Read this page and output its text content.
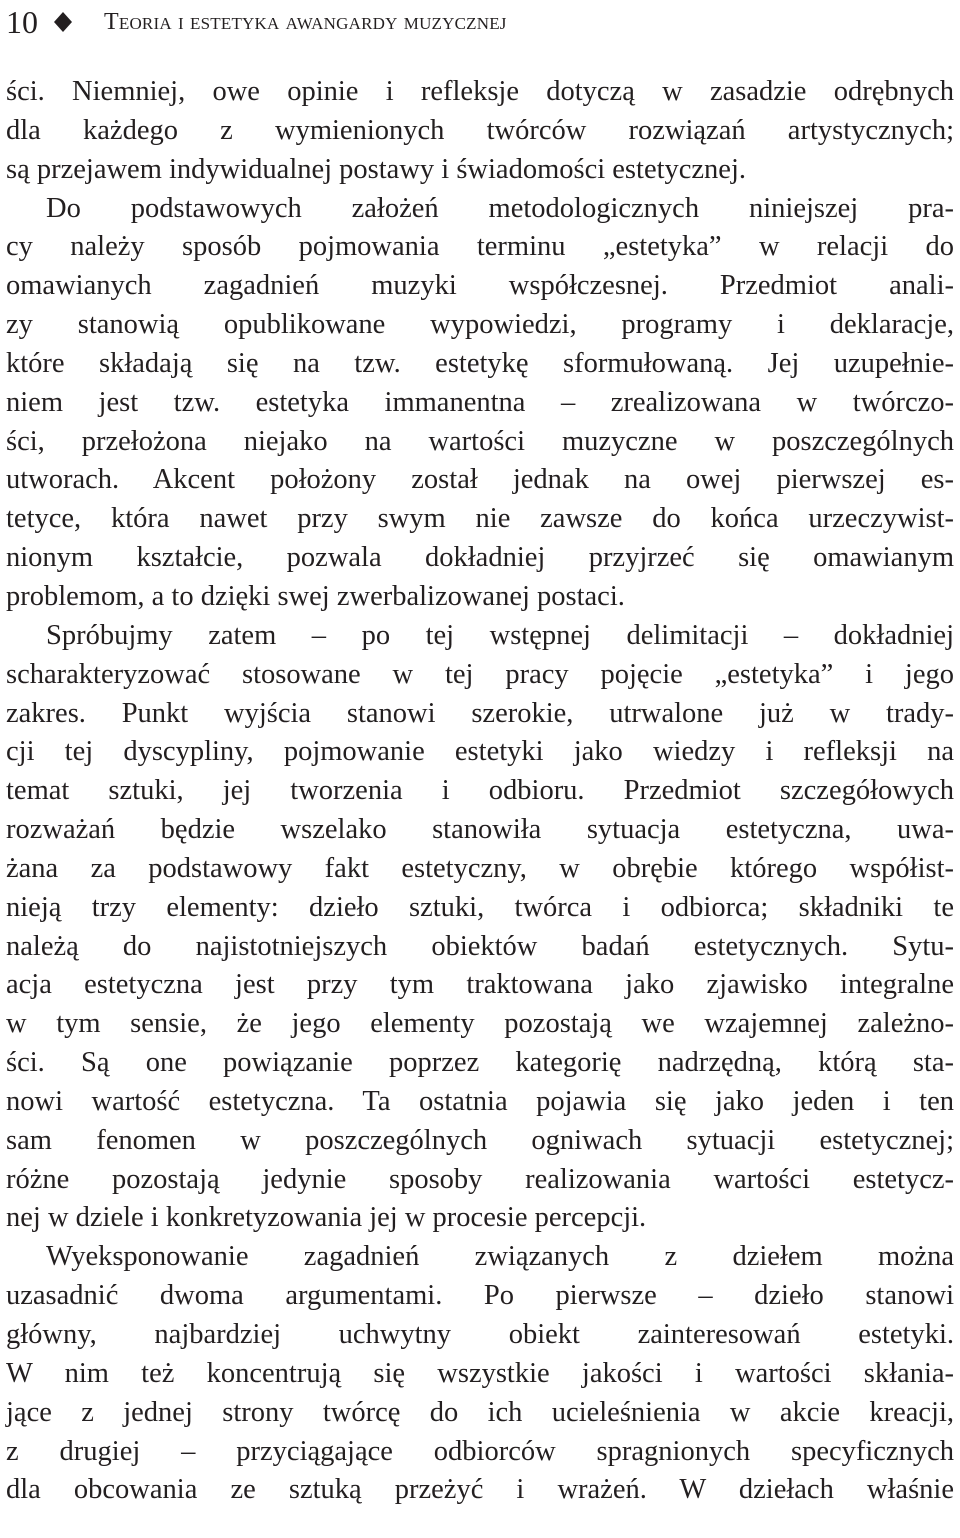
10	Teoria i estetyka awangardy muzycznej
ści. Niemniej, owe opinie i refleksje dotyczą w zasadzie odrębnych
dla każdego z wymienionych twórców rozwiązań artystycznych;
są przejawem indywidualnej postawy i świadomości estetycznej.
Do podstawowych założeń metodologicznych niniejszej pra-
cy należy sposób pojmowania terminu „estetyka” w relacji do
omawianych zagadnień muzyki współczesnej. Przedmiot anali-
zy stanowią opublikowane wypowiedzi, programy i deklaracje,
które składają się na tzw. estetykę sformułowaną. Jej uzupełnie-
niem jest tzw. estetyka immanentna – zrealizowana w twórczo-
ści, przełożona niejako na wartości muzyczne w poszczególnych
utworach. Akcent położony został jednak na owej pierwszej es-
tetyce, która nawet przy swym nie zawsze do końca urzeczywist-
nionym kształcie, pozwala dokładniej przyjrzeć się omawianym
problemom, a to dzięki swej zwerbalizowanej postaci.
Spróbujmy zatem – po tej wstępnej delimitacji – dokładniej
scharakteryzować stosowane w tej pracy pojęcie „estetyka” i jego
zakres. Punkt wyjścia stanowi szerokie, utrwalone już w trady-
cji tej dyscypliny, pojmowanie estetyki jako wiedzy i refleksji na
temat sztuki, jej tworzenia i odbioru. Przedmiot szczegółowych
rozważań będzie wszelako stanowiła sytuacja estetyczna, uwa-
żana za podstawowy fakt estetyczny, w obrębie którego współist-
nieją trzy elementy: dzieło sztuki, twórca i odbiorca; składniki te
należą do najistotniejszych obiektów badań estetycznych. Sytu-
acja estetyczna jest przy tym traktowana jako zjawisko integralne
w tym sensie, że jego elementy pozostają we wzajemnej zależno-
ści. Są one powiązanie poprzez kategorię nadrzędną, którą sta-
nowi wartość estetyczna. Ta ostatnia pojawia się jako jeden i ten
sam fenomen w poszczególnych ogniwach sytuacji estetycznej;
różne pozostają jedynie sposoby realizowania wartości estetycz-
nej w dziele i konkretyzowania jej w procesie percepcji.
Wyeksponowanie zagadnień związanych z dziełem można
uzasadnić dwoma argumentami. Po pierwsze – dzieło stanowi
główny, najbardziej uchwytny obiekt zainteresowań estetyki.
W nim też koncentrują się wszystkie jakości i wartości skłania-
jące z jednej strony twórcę do ich ucieleśnienia w akcie kreacji,
z drugiej – przyciągające odbiorców spragnionych specyficznych
dla obcowania ze sztuką przeżyć i wrażeń. W dziełach właśnie
